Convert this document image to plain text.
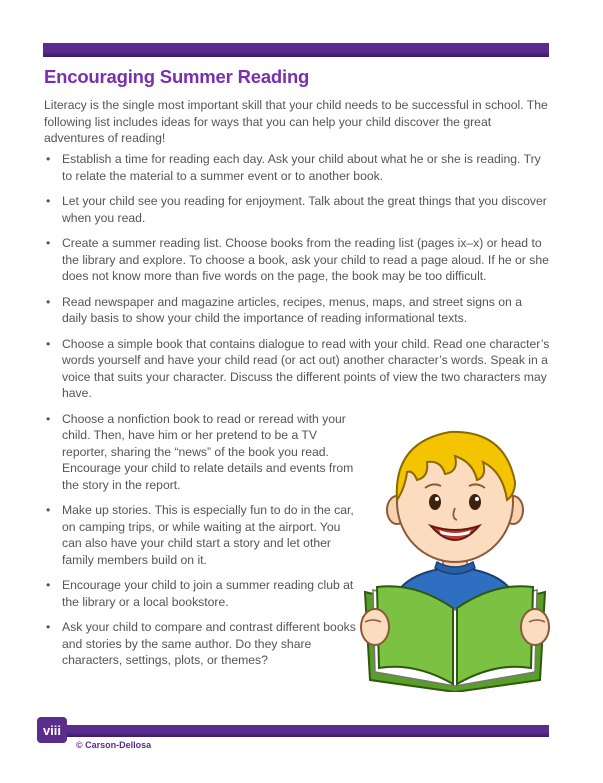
Encouraging Summer Reading

Literacy is the single most important skill that your child needs to be successful in school. The following list includes ideas for ways that you can help your child discover the great adventures of reading!

• Establish a time for reading each day. Ask your child about what he or she is reading. Try to relate the material to a summer event or to another book.
• Let your child see you reading for enjoyment. Talk about the great things that you discover when you read.
• Create a summer reading list. Choose books from the reading list (pages ix–x) or head to the library and explore. To choose a book, ask your child to read a page aloud. If he or she does not know more than five words on the page, the book may be too difficult.
• Read newspaper and magazine articles, recipes, menus, maps, and street signs on a daily basis to show your child the importance of reading informational texts.
• Choose a simple book that contains dialogue to read with your child. Read one character’s words yourself and have your child read (or act out) another character’s words. Speak in a voice that suits your character. Discuss the different points of view the two characters may have.
• Choose a nonfiction book to read or reread with your child. Then, have him or her pretend to be a TV reporter, sharing the “news” of the book you read. Encourage your child to relate details and events from the story in the report.
• Make up stories. This is especially fun to do in the car, on camping trips, or while waiting at the airport. You can also have your child start a story and let other family members build on it.
• Encourage your child to join a summer reading club at the library or a local bookstore.
• Ask your child to compare and contrast different books and stories by the same author. Do they share characters, settings, plots, or themes?
viii
© Carson-Dellosa
